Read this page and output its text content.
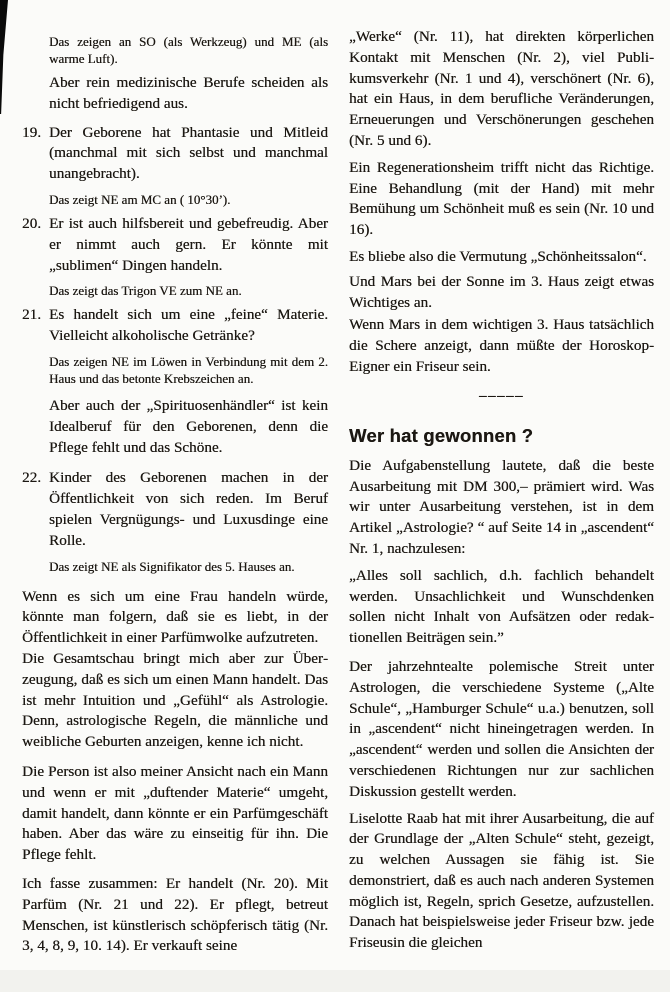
Das zeigen an SO (als Werkzeug) und ME (als warme Luft).

Aber rein medizinische Berufe scheiden als nicht befriedigend aus.

19. Der Geborene hat Phantasie und Mitleid (manchmal mit sich selbst und manchmal unangebracht).

Das zeigt NE am MC an ( 10°30’).

20. Er ist auch hilfsbereit und gebefreudig. Aber er nimmt auch gern. Er könnte mit „sublimen“ Dingen handeln.

Das zeigt das Trigon VE zum NE an.

21. Es handelt sich um eine „feine“ Materie. Vielleicht alkoholische Getränke?

Das zeigen NE im Löwen in Verbindung mit dem 2. Haus und das betonte Krebszeichen an.

Aber auch der „Spirituosenhändler“ ist kein Idealberuf für den Geborenen, denn die Pflege fehlt und das Schöne.

22. Kinder des Geborenen machen in der Öffentlichkeit von sich reden. Im Beruf spielen Vergnügungs- und Luxusdinge eine Rolle.

Das zeigt NE als Signifikator des 5. Hauses an.

Wenn es sich um eine Frau handeln würde, könnte man folgern, daß sie es liebt, in der Öffentlichkeit in einer Parfümwolke aufzutreten.

Die Gesamtschau bringt mich aber zur Überzeugung, daß es sich um einen Mann handelt. Das ist mehr Intuition und „Gefühl“ als Astrologie. Denn, astrologische Regeln, die männliche und weibliche Geburten anzeigen, kenne ich nicht.

Die Person ist also meiner Ansicht nach ein Mann und wenn er mit „duftender Materie“ umgeht, damit handelt, dann könnte er ein Parfümgeschäft haben. Aber das wäre zu einseitig für ihn. Die Pflege fehlt.

Ich fasse zusammen: Er handelt (Nr. 20). Mit Parfüm (Nr. 21 und 22). Er pflegt, betreut Menschen, ist künstlerisch schöpferisch tätig (Nr. 3, 4, 8, 9, 10. 14). Er verkauft seine

„Werke“ (Nr. 11), hat direkten körperlichen Kontakt mit Menschen (Nr. 2), viel Publikumsverkehr (Nr. 1 und 4), verschönert (Nr. 6), hat ein Haus, in dem berufliche Veränderungen, Erneuerungen und Verschönerungen geschehen (Nr. 5 und 6).

Ein Regenerationsheim trifft nicht das Richtige. Eine Behandlung (mit der Hand) mit mehr Bemühung um Schönheit muß es sein (Nr. 10 und 16).

Es bliebe also die Vermutung „Schönheitssalon“.

Und Mars bei der Sonne im 3. Haus zeigt etwas Wichtiges an.

Wenn Mars in dem wichtigen 3. Haus tatsächlich die Schere anzeigt, dann müßte der Horoskop-Eigner ein Friseur sein.

–––––
Wer hat gewonnen ?

Die Aufgabenstellung lautete, daß die beste Ausarbeitung mit DM 300,– prämiert wird. Was wir unter Ausarbeitung verstehen, ist in dem Artikel „Astrologie? “ auf Seite 14 in „ascendent“ Nr. 1, nachzulesen:

„Alles soll sachlich, d.h. fachlich behandelt werden. Unsachlichkeit und Wunschdenken sollen nicht Inhalt von Aufsätzen oder redaktionellen Beiträgen sein.”

Der jahrzehntealte polemische Streit unter Astrologen, die verschiedene Systeme („Alte Schule“, „Hamburger Schule“ u.a.) benutzen, soll in „ascendent“ nicht hineingetragen werden. In „ascendent“ werden und sollen die Ansichten der verschiedenen Richtungen nur zur sachlichen Diskussion gestellt werden.

Liselotte Raab hat mit ihrer Ausarbeitung, die auf der Grundlage der „Alten Schule“ steht, gezeigt, zu welchen Aussagen sie fähig ist. Sie demonstriert, daß es auch nach anderen Systemen möglich ist, Regeln, sprich Gesetze, aufzustellen. Danach hat beispielsweise jeder Friseur bzw. jede Friseusin die gleichen
